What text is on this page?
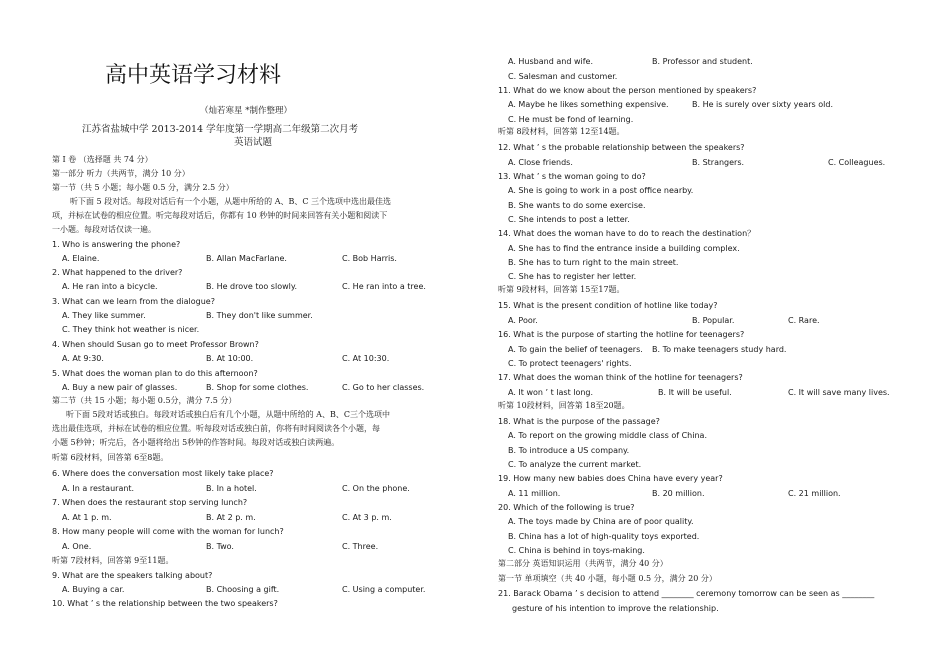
高中英语学习材料
（灿若寒星 *制作整理）
江苏省盐城中学 2013-2014 学年度第一学期高二年级第二次月考
英语试题
第 Ⅰ 卷 （选择题 共 74 分）
第一部分 听力（共两节，满分 10 分）
第一节（共 5 小题；每小题 0.5 分，满分 2.5 分）
听下面 5 段对话。每段对话后有一个小题，从题中所给的 A、B、C 三个选项中选出最佳选
项，并标在试卷的相应位置。听完每段对话后，你都有 10 秒钟的时间来回答有关小题和阅读下
一小题。每段对话仅读一遍。
1. Who is answering the phone?
A. Elaine.	B. Allan MacFarlane.	C. Bob Harris.
2. What happened to the driver?
A. He ran into a bicycle.	B. He drove too slowly.	C. He ran into a tree.
3. What can we learn from the dialogue?
A. They like summer.	B. They don't like summer.
C. They think hot weather is nicer.
4. When should Susan go to meet Professor Brown?
A. At 9:30.	B. At 10:00.	C. At 10:30.
5. What does the woman plan to do this afternoon?
A. Buy a new pair of glasses.	B. Shop for some clothes.	C. Go to her classes.
第二节（共 15 小题；每小题 0.5分，满分 7.5 分）
听下面 5段对话或独白。每段对话或独白后有几个小题，从题中所给的 A、B、C三个选项中
选出最佳选项，并标在试卷的相应位置。听每段对话或独白前，你将有时间阅读各个小题，每
小题 5秒钟；听完后，各小题将给出 5秒钟的作答时间。每段对话或独白读两遍。
听第 6段材料，回答第 6至8题。
6. Where does the conversation most likely take place?
A. In a restaurant.	B. In a hotel.	C. On the phone.
7. When does the restaurant stop serving lunch?
A. At 1 p. m.	B. At 2 p. m.	C. At 3 p. m.
8. How many people will come with the woman for lunch?
A. One.	B. Two.	C. Three.
听第 7段材料，回答第 9至11题。
9. What are the speakers talking about?
A. Buying a car.	B. Choosing a gift.	C. Using a computer.
10. What ’ s the relationship between the two speakers?
A. Husband and wife.	B. Professor and student.
C. Salesman and customer.
11. What do we know about the person mentioned by speakers?
A. Maybe he likes something expensive.	B. He is surely over sixty years old.
C. He must be fond of learning.
听第 8段材料，回答第 12至14题。
12. What ’ s the probable relationship between the speakers?
A. Close friends.	B. Strangers.	C. Colleagues.
13. What ’ s the woman going to do?
A. She is going to work in a post office nearby.
B. She wants to do some exercise.
C. She intends to post a letter.
14. What does the woman have to do to reach the destination？
A. She has to find the entrance inside a building complex.
B. She has to turn right to the main street.
C. She has to register her letter.
听第 9段材料，回答第 15至17题。
15. What is the present condition of hotline like today?
A. Poor.	B. Popular.	C. Rare.
16. What is the purpose of starting the hotline for teenagers?
A. To gain the belief of teenagers. B. To make teenagers study hard.
C. To protect teenagers' rights.
17. What does the woman think of the hotline for teenagers?
A. It won ’ t last long.	B. It will be useful.	C. It will save many lives.
听第 10段材料，回答第 18至20题。
18. What is the purpose of the passage?
A. To report on the growing middle class of China.
B. To introduce a US company.
C. To analyze the current market.
19. How many new babies does China have every year?
A. 11 million.	B. 20 million.	C. 21 million.
20. Which of the following is true?
A. The toys made by China are of poor quality.
B. China has a lot of high-quality toys exported.
C. China is behind in toys-making.
第二部分 英语知识运用（共两节，满分 40 分）
第一节 单项填空（共 40 小题，每小题 0.5 分，满分 20 分）
21. Barack Obama ’ s decision to attend ________ ceremony tomorrow can be seen as ________
gesture of his intention to improve the relationship.
